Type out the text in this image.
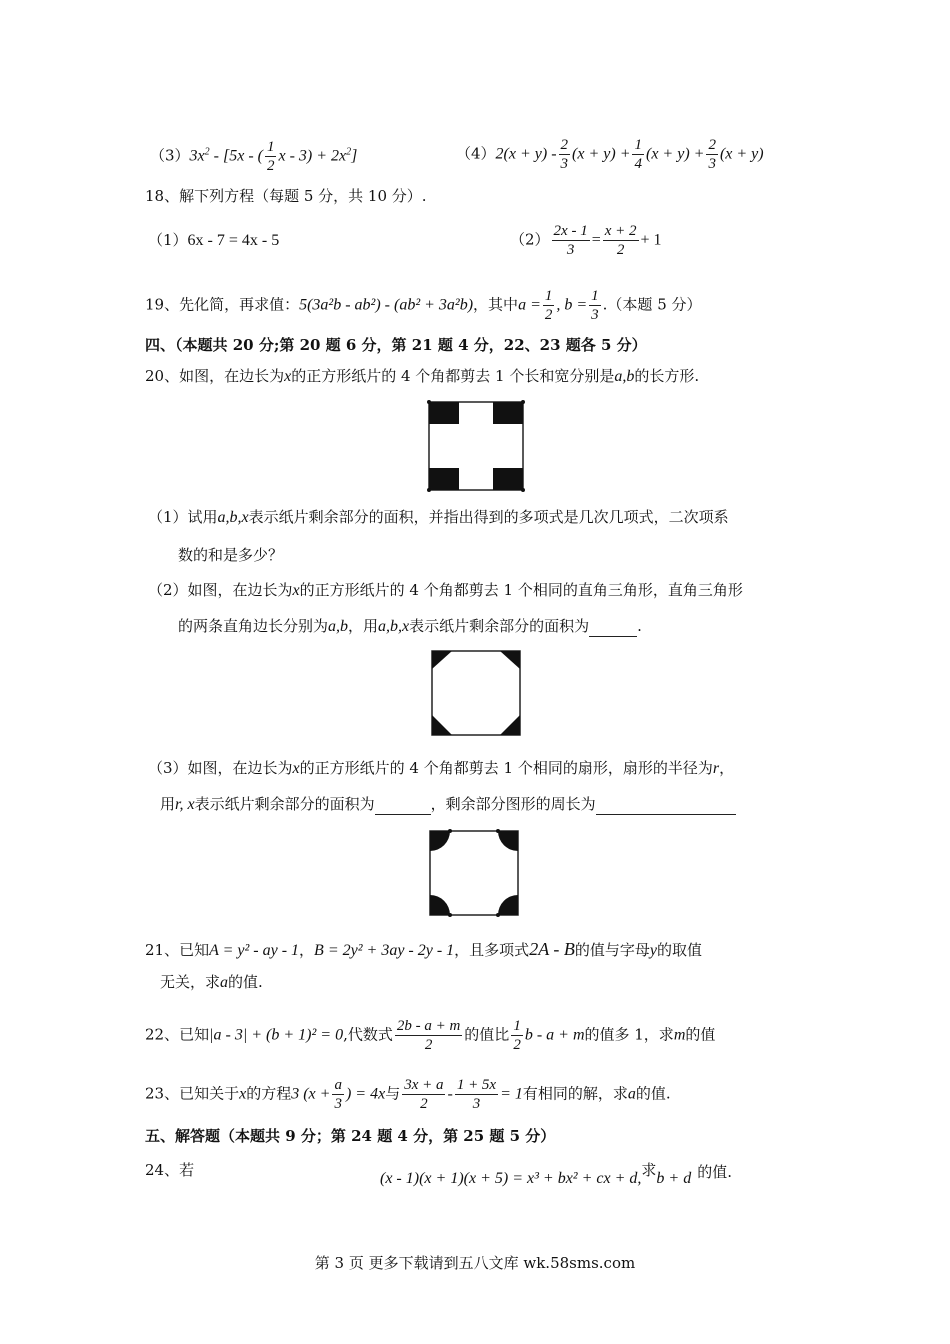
$(3)3x^2 - [5x$ - ( $\frac{1}{2}$ $x - 3) + 2x^2$]	$(4)2(x + y) - \frac{2}{3} (x + y) + \frac{1}{4} (x + y) + \frac{2}{3} (x + y)$
18、解下列方程（每题 5 分，共 10 分）.
（1）6x - 7 = 4x - 5	$(2) \frac{2x - 1}{3} = \frac{x + 2}{2} + 1$
19、先化简，再求值：5(3a²b - ab²) - (ab² + 3a²b)，其中$a = \frac{1}{2}$ , $b = \frac{1}{3}$ .（本题 5 分）
四、（本题共 20 分;第 20 题 6 分，第 21 题 4 分，22、23 题各 5 分）
20、如图，在边长为x的正方形纸片的 4 个角都剪去 1 个长和宽分别是a,b的长方形.
（1）试用a,b,x表示纸片剩余部分的面积，并指出得到的多项式是几次几项式，二次项系
数的和是多少？
（2）如图，在边长为x的正方形纸片的 4 个角都剪去 1 个相同的直角三角形，直角三角形
的两条直角边长分别为a,b，用a,b,x表示纸片剩余部分的面积为	.
（3）如图，在边长为x的正方形纸片的 4 个角都剪去 1 个相同的扇形，扇形的半径为r，
用r, x表示纸片剩余部分的面积为	，剩余部分图形的周长为
21、已知A = y² - ay - 1，B = 2y² + 3ay - 2y - 1，且多项式2A - B的值与字母y的取值
无关，求a的值.
22、已知|a - 3| + (b + 1)² = 0,代数式 $\frac{2b - a + m}{2}$ 的值比 $\frac{1}{2}$ b - a + m的值多 1，求m的值
23、已知关于x的方程3 ($x + \frac{a}{3}$ ) = 4x与 $\frac{3x + a}{2} - \frac{1 + 5x}{3} = 1$有相同的解，求a的值.
五、解答题（本题共 9 分；第 24 题 4 分，第 25 题 5 分）
24、若	(x - 1)(x + 1)(x + 5) = x³ + bx² + cx + d,求b + d 的值.
第 3 页 更多下载请到五八文库 wk.58sms.com
